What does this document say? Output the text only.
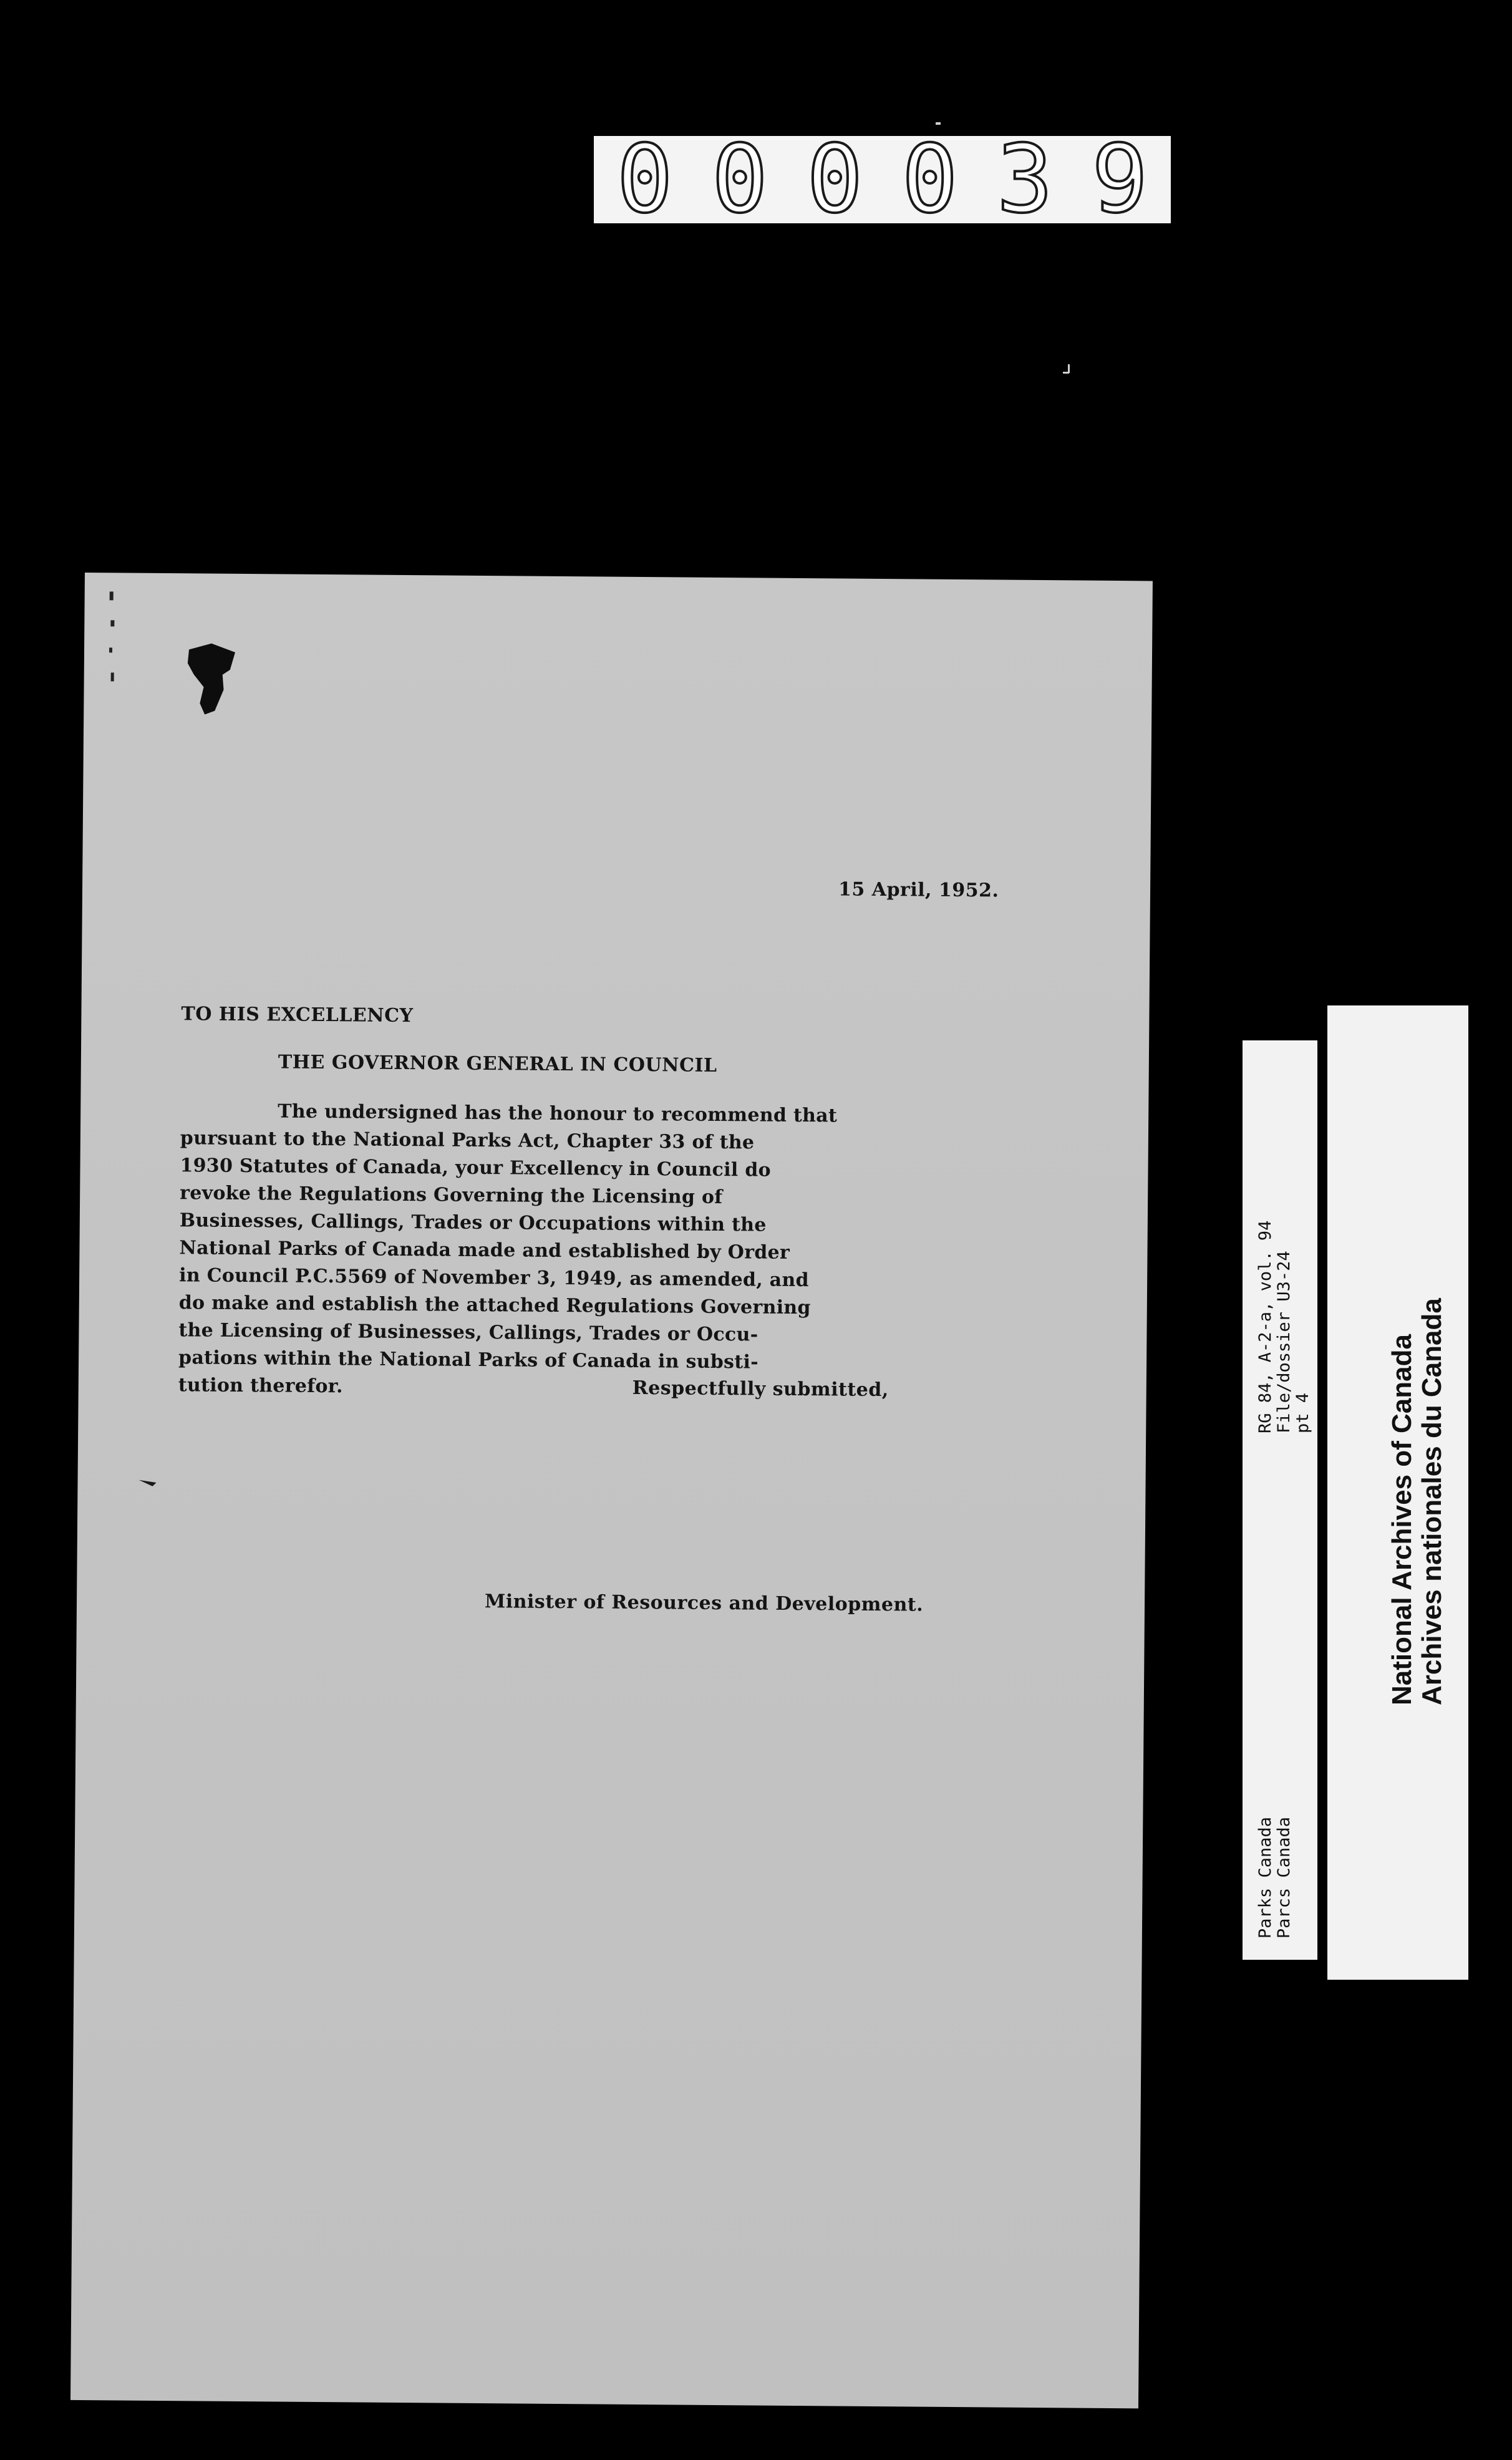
000039
15 April, 1952.
TO HIS EXCELLENCY
THE GOVERNOR GENERAL IN COUNCIL
The undersigned has the honour to recommend that
pursuant to the National Parks Act, Chapter 33 of the
1930 Statutes of Canada, your Excellency in Council do
revoke the Regulations Governing the Licensing of
Businesses, Callings, Trades or Occupations within the
National Parks of Canada made and established by Order
in Council P.C.5569 of November 3, 1949, as amended, and
do make and establish the attached Regulations Governing
the Licensing of Businesses, Callings, Trades or Occu-
pations within the National Parks of Canada in substi-
tution therefor.	Respectfully submitted,
Minister of Resources and Development.
RG 84, A-2-a, vol. 94 File/dossier U3-24 pt 4
Parks Canada Parcs Canada
National Archives of Canada Archives nationales du Canada
